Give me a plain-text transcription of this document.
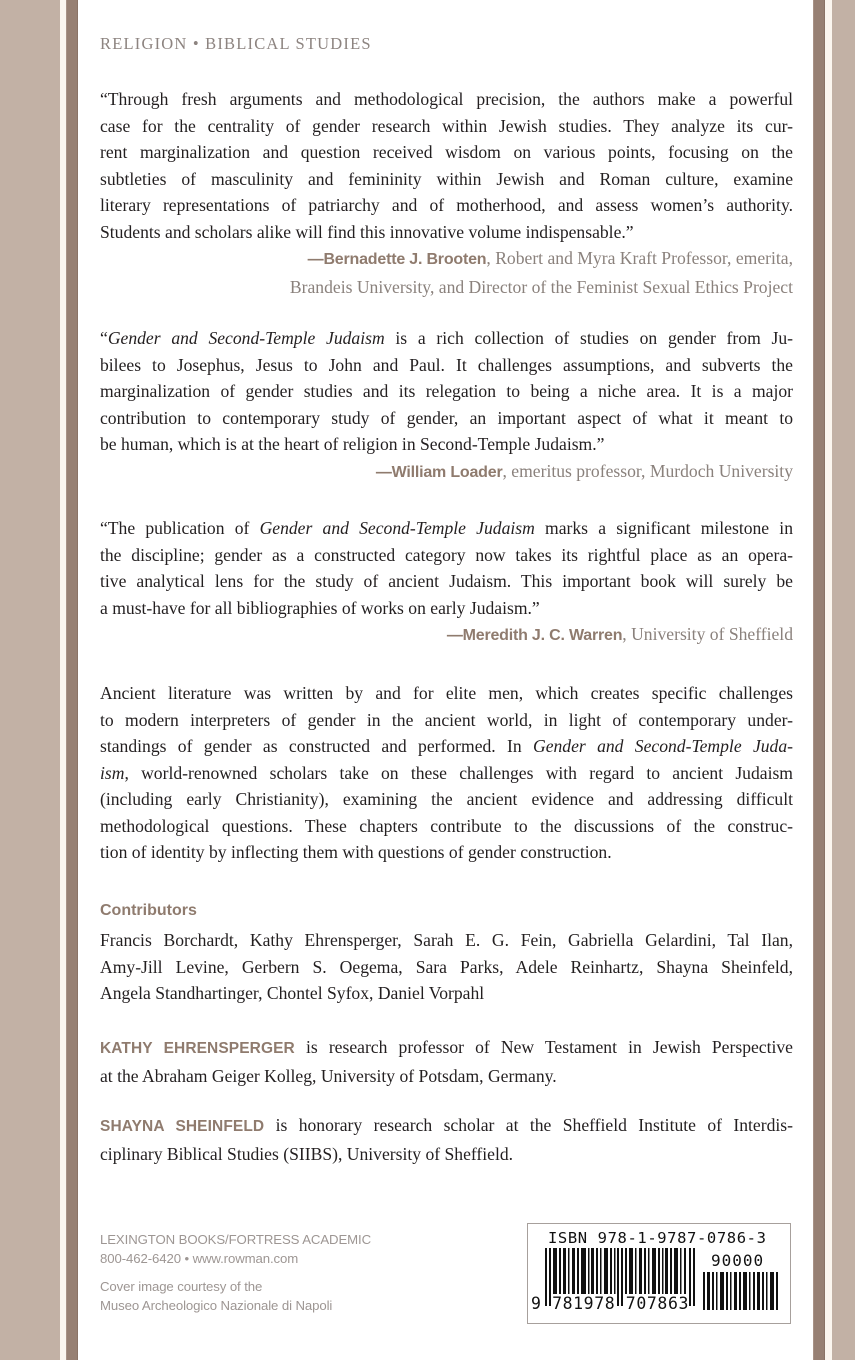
RELIGION • BIBLICAL STUDIES
“Through fresh arguments and methodological precision, the authors make a powerful
case for the centrality of gender research within Jewish studies. They analyze its cur-
rent marginalization and question received wisdom on various points, focusing on the
subtleties of masculinity and femininity within Jewish and Roman culture, examine
literary representations of patriarchy and of motherhood, and assess women’s authority.
Students and scholars alike will find this innovative volume indispensable.”
—Bernadette J. Brooten, Robert and Myra Kraft Professor, emerita,
Brandeis University, and Director of the Feminist Sexual Ethics Project
“Gender and Second-Temple Judaism is a rich collection of studies on gender from Ju-
bilees to Josephus, Jesus to John and Paul. It challenges assumptions, and subverts the
marginalization of gender studies and its relegation to being a niche area. It is a major
contribution to contemporary study of gender, an important aspect of what it meant to
be human, which is at the heart of religion in Second-Temple Judaism.”
—William Loader, emeritus professor, Murdoch University
“The publication of Gender and Second-Temple Judaism marks a significant milestone in
the discipline; gender as a constructed category now takes its rightful place as an opera-
tive analytical lens for the study of ancient Judaism. This important book will surely be
a must-have for all bibliographies of works on early Judaism.”
—Meredith J. C. Warren, University of Sheffield
Ancient literature was written by and for elite men, which creates specific challenges
to modern interpreters of gender in the ancient world, in light of contemporary under-
standings of gender as constructed and performed. In Gender and Second-Temple Juda-
ism, world-renowned scholars take on these challenges with regard to ancient Judaism
(including early Christianity), examining the ancient evidence and addressing difficult
methodological questions. These chapters contribute to the discussions of the construc-
tion of identity by inflecting them with questions of gender construction.
Contributors
Francis Borchardt, Kathy Ehrensperger, Sarah E. G. Fein, Gabriella Gelardini, Tal Ilan,
Amy-Jill Levine, Gerbern S. Oegema, Sara Parks, Adele Reinhartz, Shayna Sheinfeld,
Angela Standhartinger, Chontel Syfox, Daniel Vorpahl
KATHY EHRENSPERGER is research professor of New Testament in Jewish Perspective
at the Abraham Geiger Kolleg, University of Potsdam, Germany.
SHAYNA SHEINFELD is honorary research scholar at the Sheffield Institute of Interdis-
ciplinary Biblical Studies (SIIBS), University of Sheffield.
LEXINGTON BOOKS/FORTRESS ACADEMIC
800-462-6420 • www.rowman.com
Cover image courtesy of the
Museo Archeologico Nazionale di Napoli
ISBN 978-1-9787-0786-3
90000
9 781978 707863
